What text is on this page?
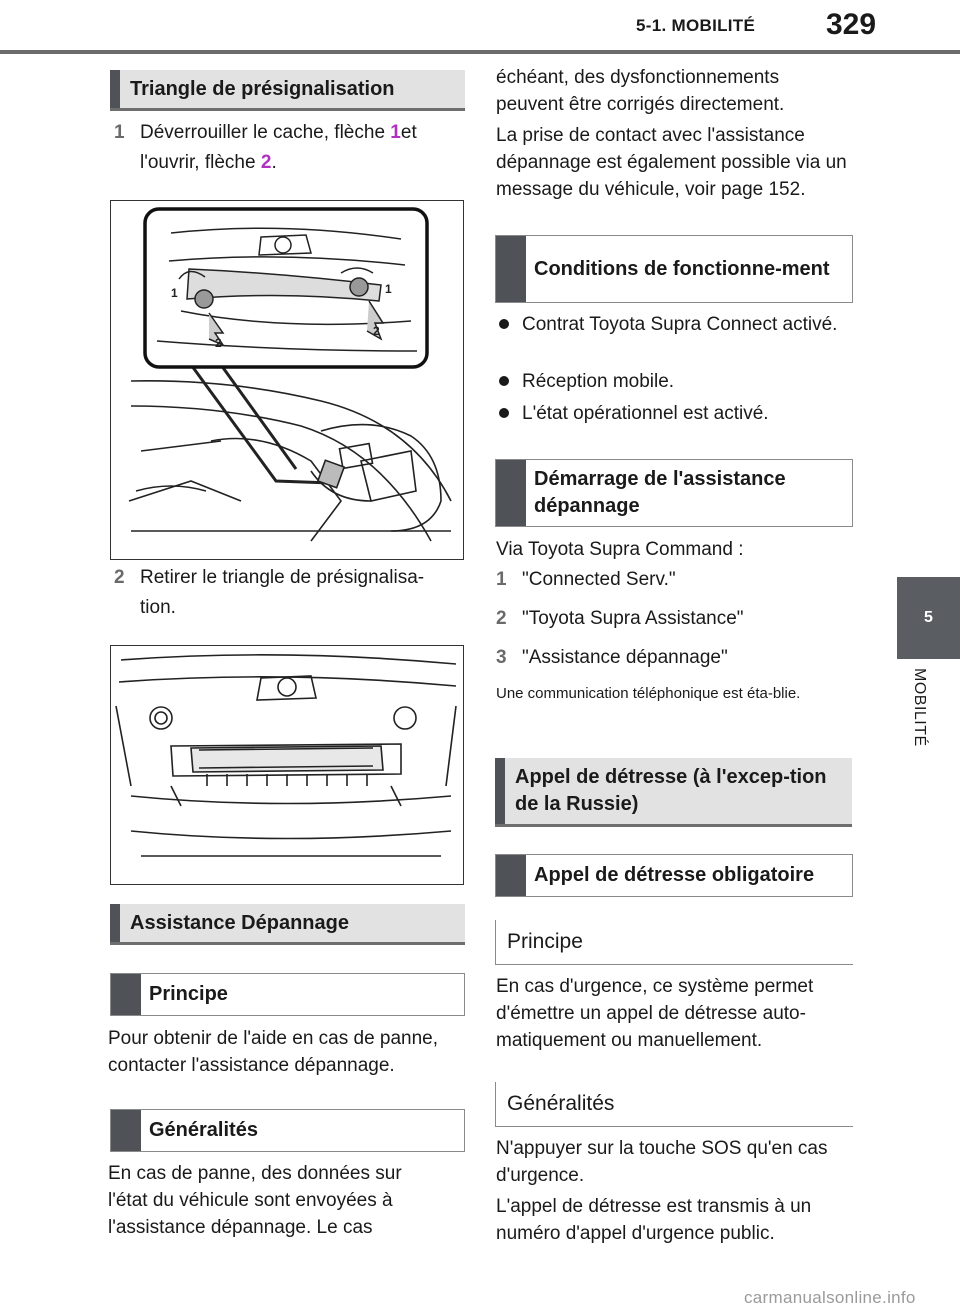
5-1. MOBILITÉ 329
5
MOBILITÉ
Triangle de présignalisation
1 Déverrouiller le cache, flèche 1et
l'ouvrir, flèche 2.
1
2
1
2
2 Retirer le triangle de présignalisa-
tion.
Assistance Dépannage
Principe
Pour obtenir de l'aide en cas de panne, contacter l'assistance dépannage.
Généralités
En cas de panne, des données sur l'état du véhicule sont envoyées à l'assistance dépannage. Le cas
échéant, des dysfonctionnements peuvent être corrigés directement.
La prise de contact avec l'assistance dépannage est également possible via un message du véhicule, voir page 152.
Conditions de fonctionne-ment
Contrat Toyota Supra Connect activé.
Réception mobile.
L'état opérationnel est activé.
Démarrage de l'assistance dépannage
Via Toyota Supra Command :
1 "Connected Serv."
2 "Toyota Supra Assistance"
3 "Assistance dépannage"
Une communication téléphonique est éta-blie.
Appel de détresse (à l'excep-tion de la Russie)
Appel de détresse obligatoire
Principe
En cas d'urgence, ce système permet d'émettre un appel de détresse auto-matiquement ou manuellement.
Généralités
N'appuyer sur la touche SOS qu'en cas d'urgence.
L'appel de détresse est transmis à un numéro d'appel d'urgence public.
carmanualsonline.info
